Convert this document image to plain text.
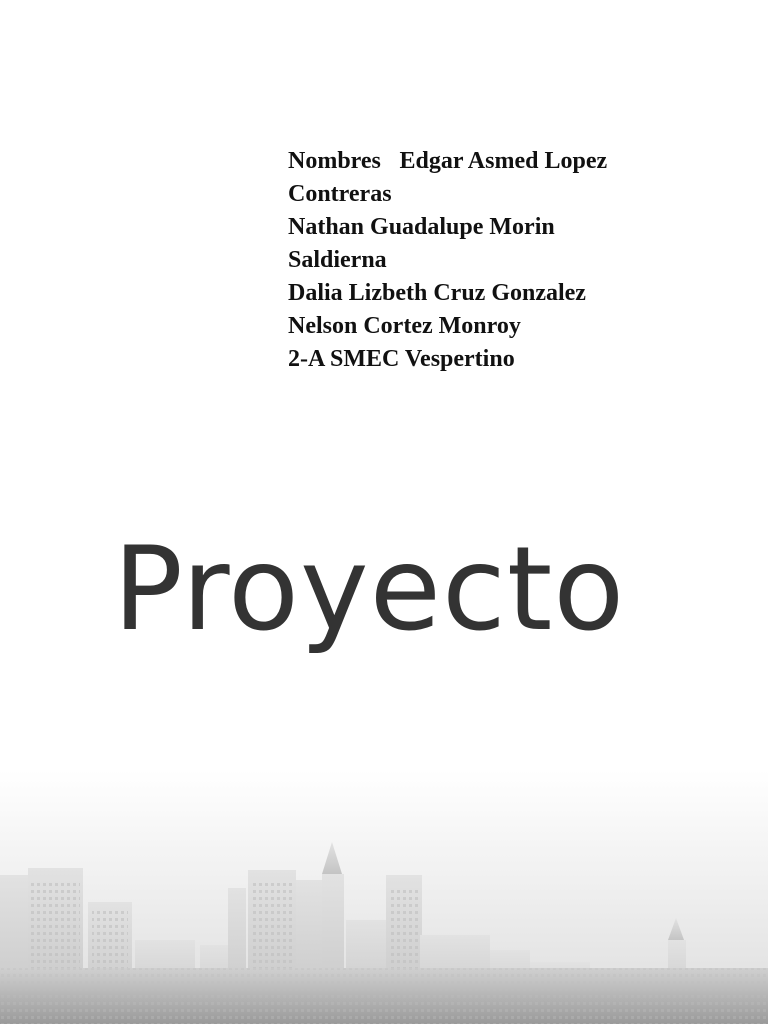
Nombres Edgar Asmed Lopez
Contreras
Nathan Guadalupe Morin
Saldierna
Dalia Lizbeth Cruz Gonzalez
Nelson Cortez Monroy
2-A SMEC Vespertino
Proyecto
